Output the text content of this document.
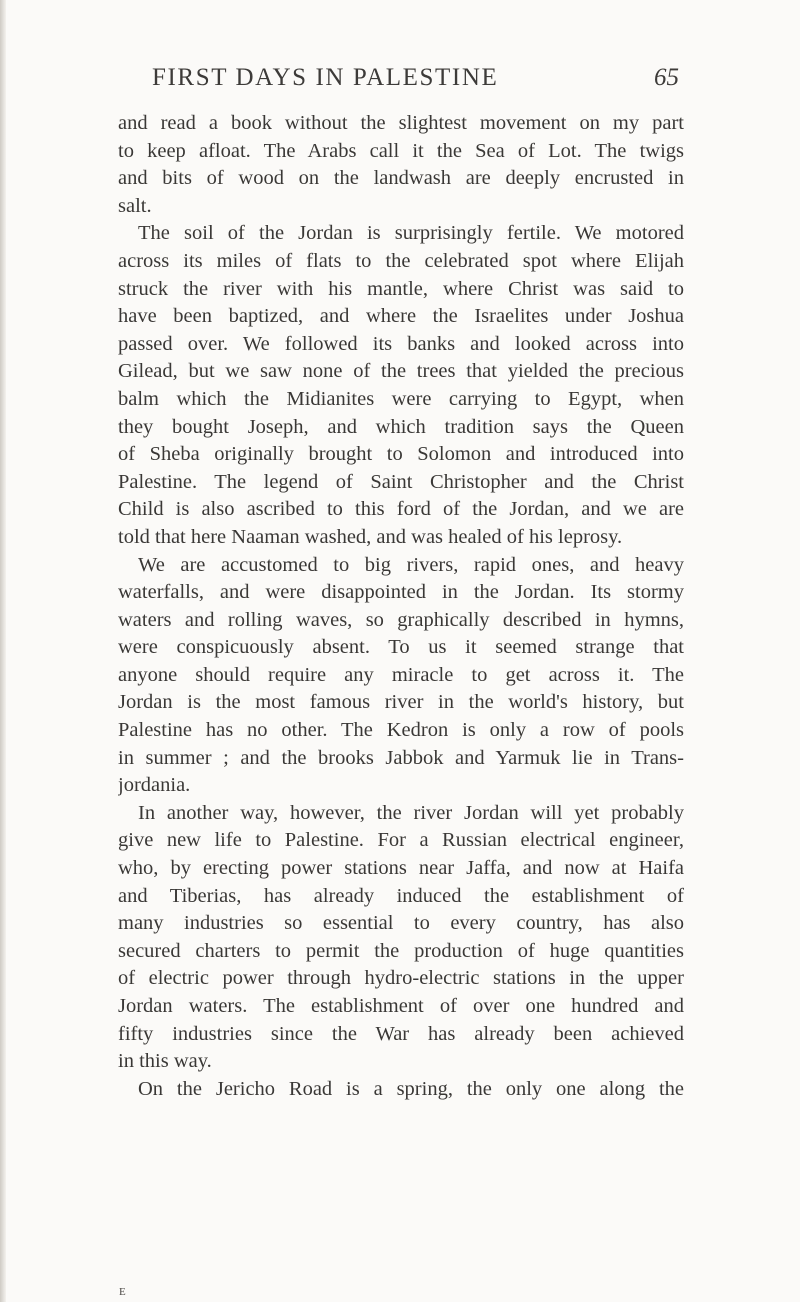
FIRST DAYS IN PALESTINE	65
and read a book without the slightest movement on my part
to keep afloat. The Arabs call it the Sea of Lot. The twigs
and bits of wood on the landwash are deeply encrusted in
salt.
The soil of the Jordan is surprisingly fertile. We motored
across its miles of flats to the celebrated spot where Elijah
struck the river with his mantle, where Christ was said to
have been baptized, and where the Israelites under Joshua
passed over. We followed its banks and looked across into
Gilead, but we saw none of the trees that yielded the precious
balm which the Midianites were carrying to Egypt, when
they bought Joseph, and which tradition says the Queen
of Sheba originally brought to Solomon and introduced into
Palestine. The legend of Saint Christopher and the Christ
Child is also ascribed to this ford of the Jordan, and we are
told that here Naaman washed, and was healed of his leprosy.
We are accustomed to big rivers, rapid ones, and heavy
waterfalls, and were disappointed in the Jordan. Its stormy
waters and rolling waves, so graphically described in hymns,
were conspicuously absent. To us it seemed strange that
anyone should require any miracle to get across it. The
Jordan is the most famous river in the world's history, but
Palestine has no other. The Kedron is only a row of pools
in summer ; and the brooks Jabbok and Yarmuk lie in Trans-
jordania.
In another way, however, the river Jordan will yet probably
give new life to Palestine. For a Russian electrical engineer,
who, by erecting power stations near Jaffa, and now at Haifa
and Tiberias, has already induced the establishment of
many industries so essential to every country, has also
secured charters to permit the production of huge quantities
of electric power through hydro-electric stations in the upper
Jordan waters. The establishment of over one hundred and
fifty industries since the War has already been achieved
in this way.
On the Jericho Road is a spring, the only one along the
E
